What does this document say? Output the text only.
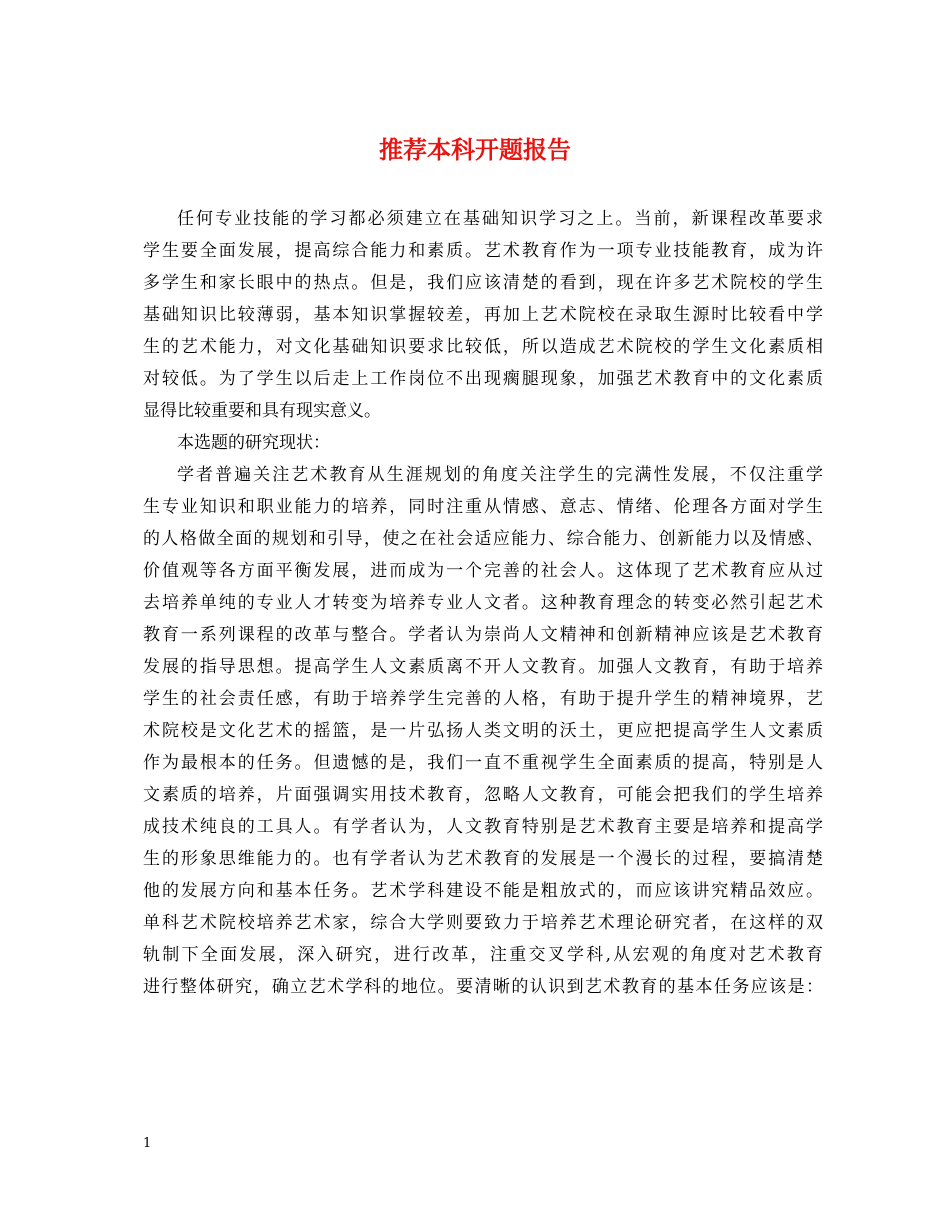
推荐本科开题报告
任何专业技能的学习都必须建立在基础知识学习之上。当前，新课程改革要求
学生要全面发展，提高综合能力和素质。艺术教育作为一项专业技能教育，成为许
多学生和家长眼中的热点。但是，我们应该清楚的看到，现在许多艺术院校的学生
基础知识比较薄弱，基本知识掌握较差，再加上艺术院校在录取生源时比较看中学
生的艺术能力，对文化基础知识要求比较低，所以造成艺术院校的学生文化素质相
对较低。为了学生以后走上工作岗位不出现瘸腿现象，加强艺术教育中的文化素质
显得比较重要和具有现实意义。
本选题的研究现状：
学者普遍关注艺术教育从生涯规划的角度关注学生的完满性发展，不仅注重学
生专业知识和职业能力的培养，同时注重从情感、意志、情绪、伦理各方面对学生
的人格做全面的规划和引导，使之在社会适应能力、综合能力、创新能力以及情感、
价值观等各方面平衡发展，进而成为一个完善的社会人。这体现了艺术教育应从过
去培养单纯的专业人才转变为培养专业人文者。这种教育理念的转变必然引起艺术
教育一系列课程的改革与整合。学者认为崇尚人文精神和创新精神应该是艺术教育
发展的指导思想。提高学生人文素质离不开人文教育。加强人文教育，有助于培养
学生的社会责任感，有助于培养学生完善的人格，有助于提升学生的精神境界，艺
术院校是文化艺术的摇篮，是一片弘扬人类文明的沃土，更应把提高学生人文素质
作为最根本的任务。但遗憾的是，我们一直不重视学生全面素质的提高，特别是人
文素质的培养，片面强调实用技术教育，忽略人文教育，可能会把我们的学生培养
成技术纯良的工具人。有学者认为，人文教育特别是艺术教育主要是培养和提高学
生的形象思维能力的。也有学者认为艺术教育的发展是一个漫长的过程，要搞清楚
他的发展方向和基本任务。艺术学科建设不能是粗放式的，而应该讲究精品效应。
单科艺术院校培养艺术家，综合大学则要致力于培养艺术理论研究者，在这样的双
轨制下全面发展，深入研究，进行改革，注重交叉学科,从宏观的角度对艺术教育
进行整体研究，确立艺术学科的地位。要清晰的认识到艺术教育的基本任务应该是：
1
